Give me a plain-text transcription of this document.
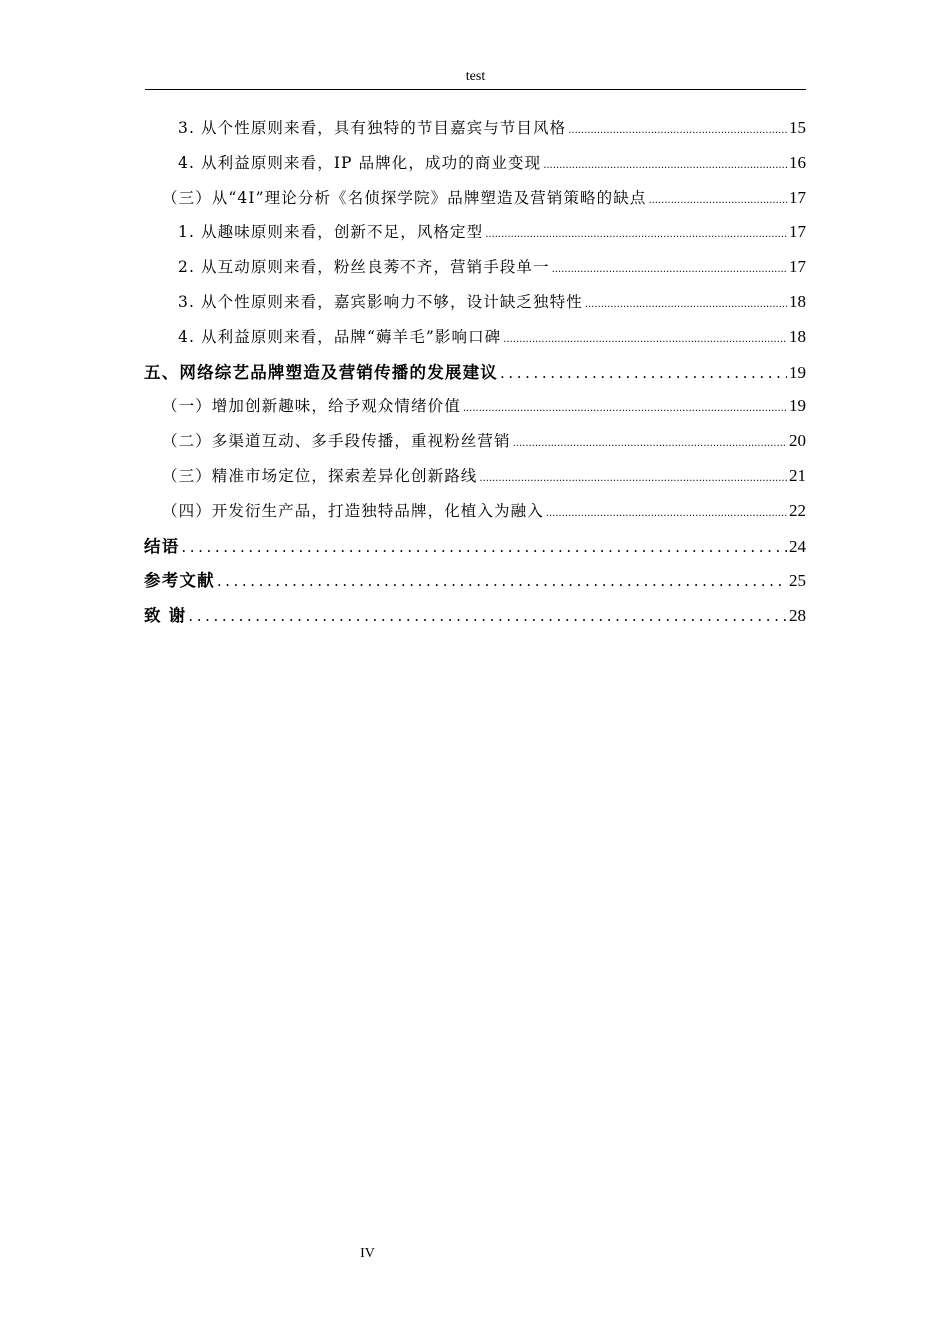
test
3. 从个性原则来看，具有独特的节目嘉宾与节目风格 .....	15
4. 从利益原则来看，IP 品牌化，成功的商业变现 .....	16
（三）从“4I”理论分析《名侦探学院》品牌塑造及营销策略的缺点 .....	17
1. 从趣味原则来看，创新不足，风格定型 .....	17
2. 从互动原则来看，粉丝良莠不齐，营销手段单一 .....	17
3. 从个性原则来看，嘉宾影响力不够，设计缺乏独特性 .....	18
4. 从利益原则来看，品牌“薅羊毛”影响口碑 .....	18
五、网络综艺品牌塑造及营销传播的发展建议 .....	19
（一）增加创新趣味，给予观众情绪价值 .....	19
（二）多渠道互动、多手段传播，重视粉丝营销 .....	20
（三）精准市场定位，探索差异化创新路线 .....	21
（四）开发衍生产品，打造独特品牌，化植入为融入 .....	22
结语 .....	24
参考文献 .....	25
致 谢 .....	28
IV
